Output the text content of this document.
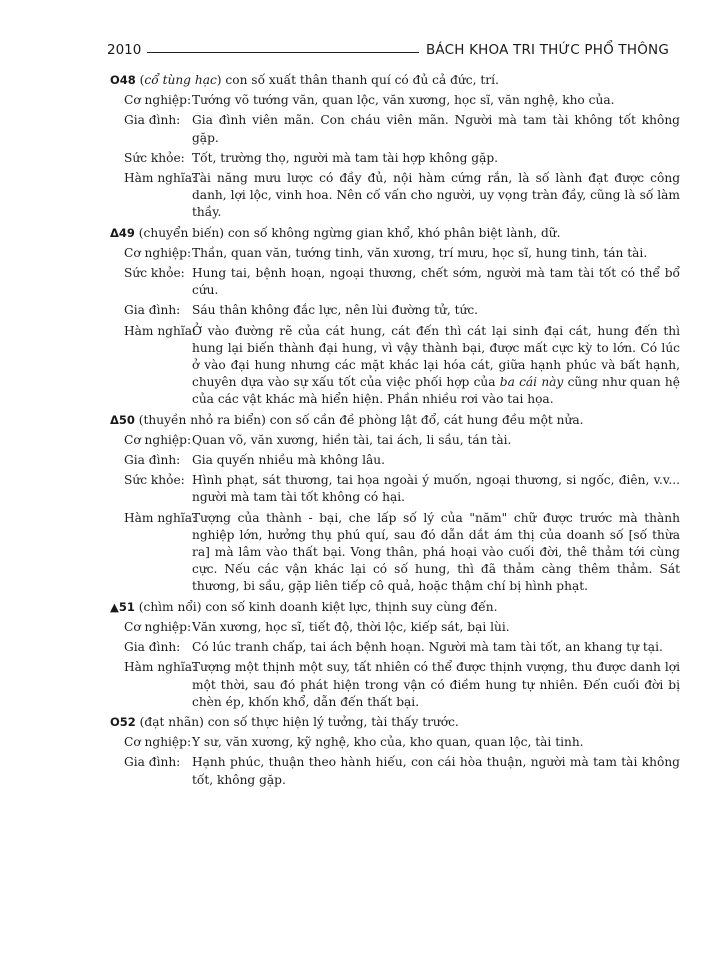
2010	BÁCH KHOA TRI THỨC PHỔ THÔNG
O48 (cổ tùng hạc) con số xuất thân thanh quí có đủ cả đức, trí.
Cơ nghiệp: Tướng võ tướng văn, quan lộc, văn xương, học sĩ, văn nghệ, kho của.
Gia đình: Gia đình viên mãn. Con cháu viên mãn. Người mà tam tài không tốt không gặp.
Sức khỏe: Tốt, trường thọ, người mà tam tài hợp không gặp.
Hàm nghĩa:
Tài năng mưu lược có đầy đủ, nội hàm cứng rắn, là số lành đạt được công danh, lợi lộc, vinh hoa. Nên cố vấn cho người, uy vọng tràn đầy, cũng là số làm thầy.
Δ49 (chuyển biến) con số không ngừng gian khổ, khó phân biệt lành, dữ.
Cơ nghiệp: Thần, quan văn, tướng tinh, văn xương, trí mưu, học sĩ, hung tinh, tán tài.
Sức khỏe: Hung tai, bệnh hoạn, ngoại thương, chết sớm, người mà tam tài tốt có thể bổ cứu.
Gia đình: Sáu thân không đắc lực, nên lùi đường tử, tức.
Hàm nghĩa:
Ở vào đường rẽ của cát hung, cát đến thì cát lại sinh đại cát, hung đến thì hung lại biến thành đại hung, vì vậy thành bại, được mất cực kỳ to lớn. Có lúc ở vào đại hung nhưng các mặt khác lại hóa cát, giữa hạnh phúc và bất hạnh, chuyên dựa vào sự xấu tốt của việc phối hợp của ba cái này cũng như quan hệ của các vật khác mà hiển hiện. Phần nhiều rơi vào tai họa.
Δ50 (thuyền nhỏ ra biển) con số cần đề phòng lật đổ, cát hung đều một nửa.
Cơ nghiệp: Quan võ, văn xương, hiền tài, tai ách, li sầu, tán tài.
Gia đình: Gia quyến nhiều mà không lâu.
Sức khỏe: Hình phạt, sát thương, tai họa ngoài ý muốn, ngoại thương, si ngốc, điên, v.v... người mà tam tài tốt không có hại.
Hàm nghĩa:
Tượng của thành - bại, che lấp số lý của "năm" chữ được trước mà thành nghiệp lớn, hưởng thụ phú quí, sau đó dẫn dắt ám thị của doanh số [số thừa ra] mà lâm vào thất bại. Vong thân, phá hoại vào cuối đời, thê thảm tới cùng cực. Nếu các vận khác lại có số hung, thì đã thảm càng thêm thảm. Sát thương, bi sầu, gặp liên tiếp cô quả, hoặc thậm chí bị hình phạt.
▲51 (chìm nổi) con số kinh doanh kiệt lực, thịnh suy cùng đến.
Cơ nghiệp: Văn xương, học sĩ, tiết độ, thời lộc, kiếp sát, bại lùi.
Gia đình: Có lúc tranh chấp, tai ách bệnh hoạn. Người mà tam tài tốt, an khang tự tại.
Hàm nghĩa:
Tượng một thịnh một suy, tất nhiên có thể được thịnh vượng, thu được danh lợi một thời, sau đó phát hiện trong vận có điềm hung tự nhiên. Đến cuối đời bị chèn ép, khốn khổ, dẫn đến thất bại.
O52 (đạt nhãn) con số thực hiện lý tưởng, tài thấy trước.
Cơ nghiệp: Y sư, văn xương, kỹ nghệ, kho của, kho quan, quan lộc, tài tinh.
Gia đình: Hạnh phúc, thuận theo hành hiếu, con cái hòa thuận, người mà tam tài không tốt, không gặp.
